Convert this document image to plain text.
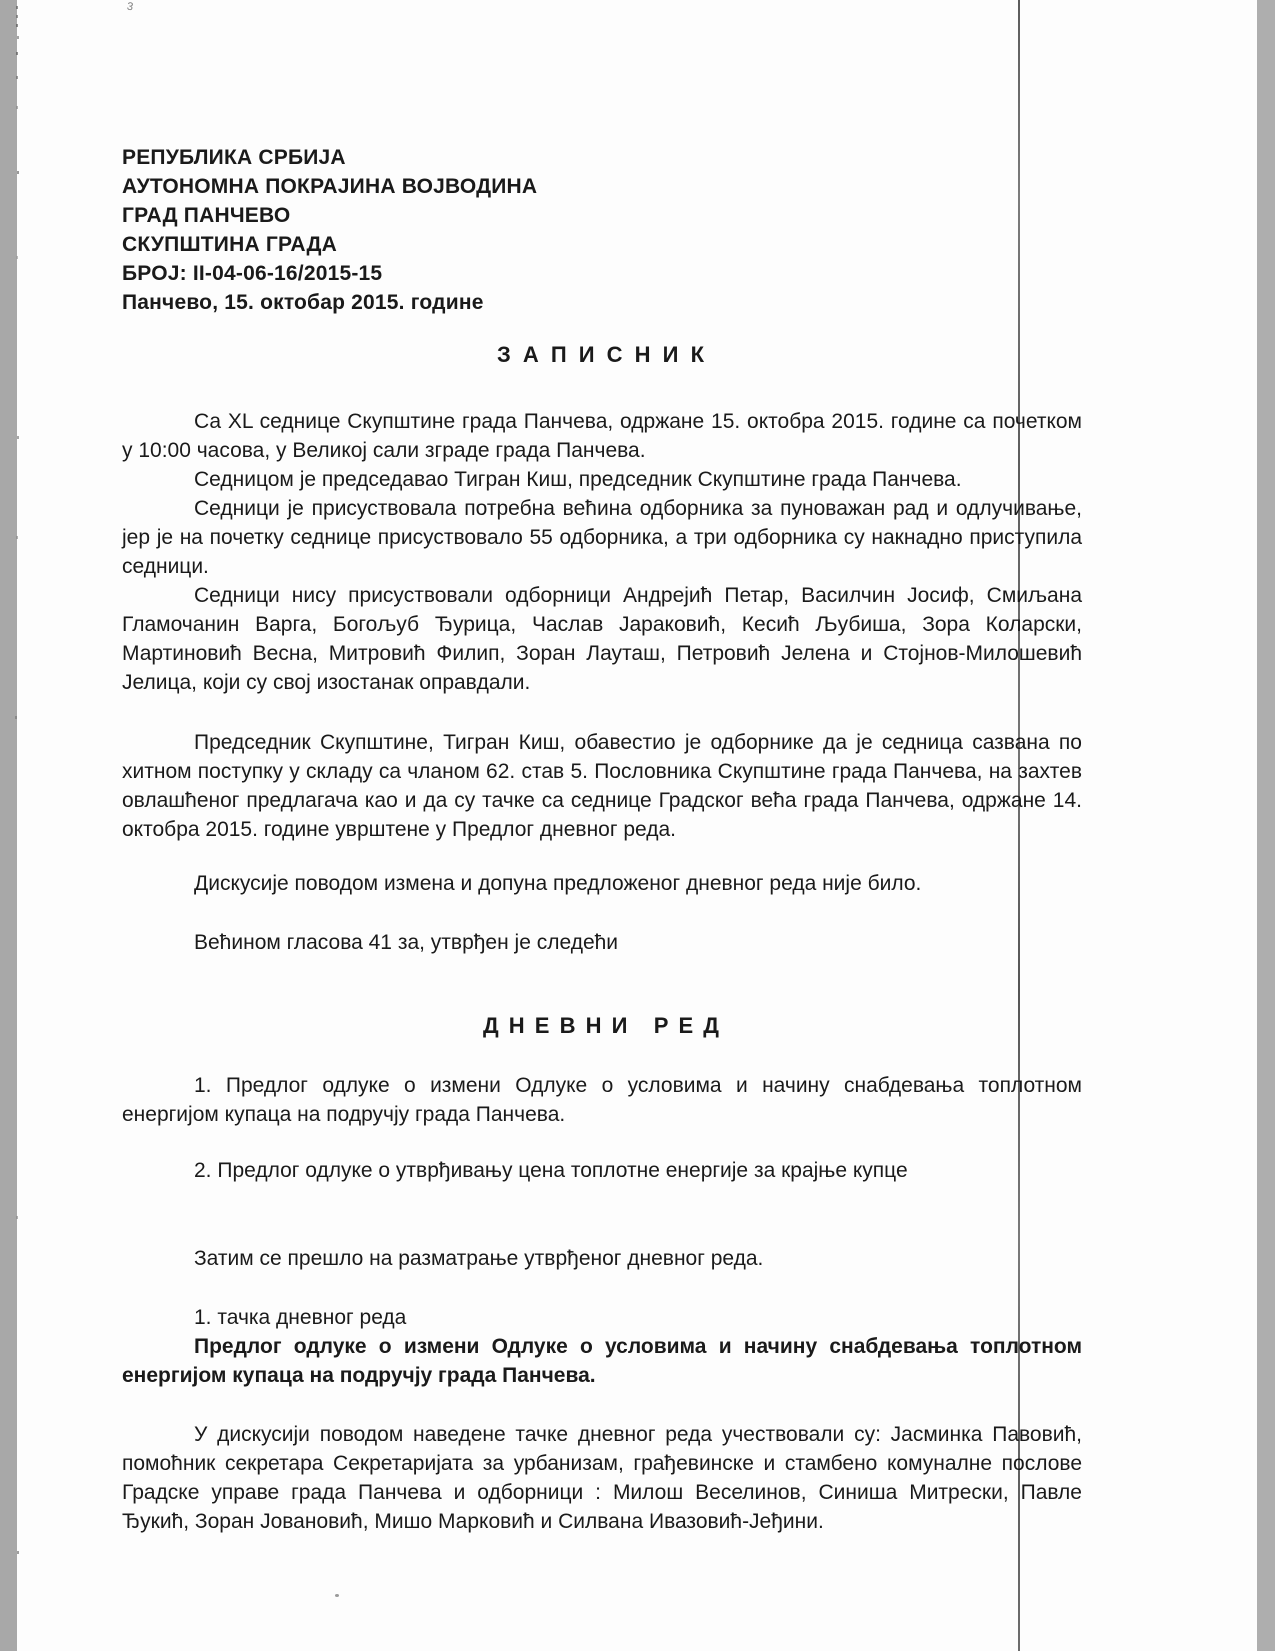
3
РЕПУБЛИКА СРБИЈА
АУТОНОМНА ПОКРАЈИНА ВОЈВОДИНА
ГРАД ПАНЧЕВО
СКУПШТИНА ГРАДА
БРОЈ: II-04-06-16/2015-15
Панчево, 15. октобар 2015. године
З А П И С Н И К
Са XL седнице Скупштине града Панчева, одржане 15. октобра 2015. године са почетком у 10:00 часова, у Великој сали зграде града Панчева.
Седницом је председавао Тигран Киш, председник Скупштине града Панчева.
Седници је присуствовала потребна већина одборника за пуноважан рад и одлучивање, јер је на почетку седнице присуствовало 55 одборника, а три одборника су накнадно приступила седници.
Седници нису присуствовали одборници Андрејић Петар, Василчин Јосиф, Смиљана Гламочанин Варга, Богољуб Ђурица, Часлав Јараковић, Кесић Љубиша, Зора Коларски, Мартиновић Весна, Митровић Филип, Зоран Лауташ, Петровић Јелена и Стојнов-Милошевић Јелица, који су свој изостанак оправдали.
Председник Скупштине, Тигран Киш, обавестио је одборнике да је седница сазвана по хитном поступку у складу са чланом 62. став 5. Пословника Скупштине града Панчева, на захтев овлашћеног предлагача као и да су тачке са седнице Градског већа града Панчева, одржане 14. октобра 2015. године уврштене у Предлог дневног реда.
Дискусије поводом измена и допуна предложеног дневног реда није било.
Већином гласова 41 за, утврђен је следећи
Д Н Е В Н И   Р Е Д
1. Предлог одлуке о измени Одлуке о условима и начину снабдевања топлотном енергијом купаца на подручју града Панчева.
2. Предлог одлуке о утврђивању цена топлотне енергије за крајње купце
Затим се прешло на разматрање утврђеног дневног реда.
1. тачка дневног реда
Предлог одлуке о измени Одлуке о условима и начину снабдевања топлотном енергијом купаца на подручју града Панчева.
У дискусији поводом наведене тачке дневног реда учествовали су: Јасминка Павовић, помоћник секретара Секретаријата за урбанизам, грађевинске и стамбено комуналне послове Градске управе града Панчева и одборници : Милош Веселинов, Синиша Митрески, Павле Ђукић, Зоран Јовановић, Мишо Марковић и Силвана Ивазовић-Јеђини.
